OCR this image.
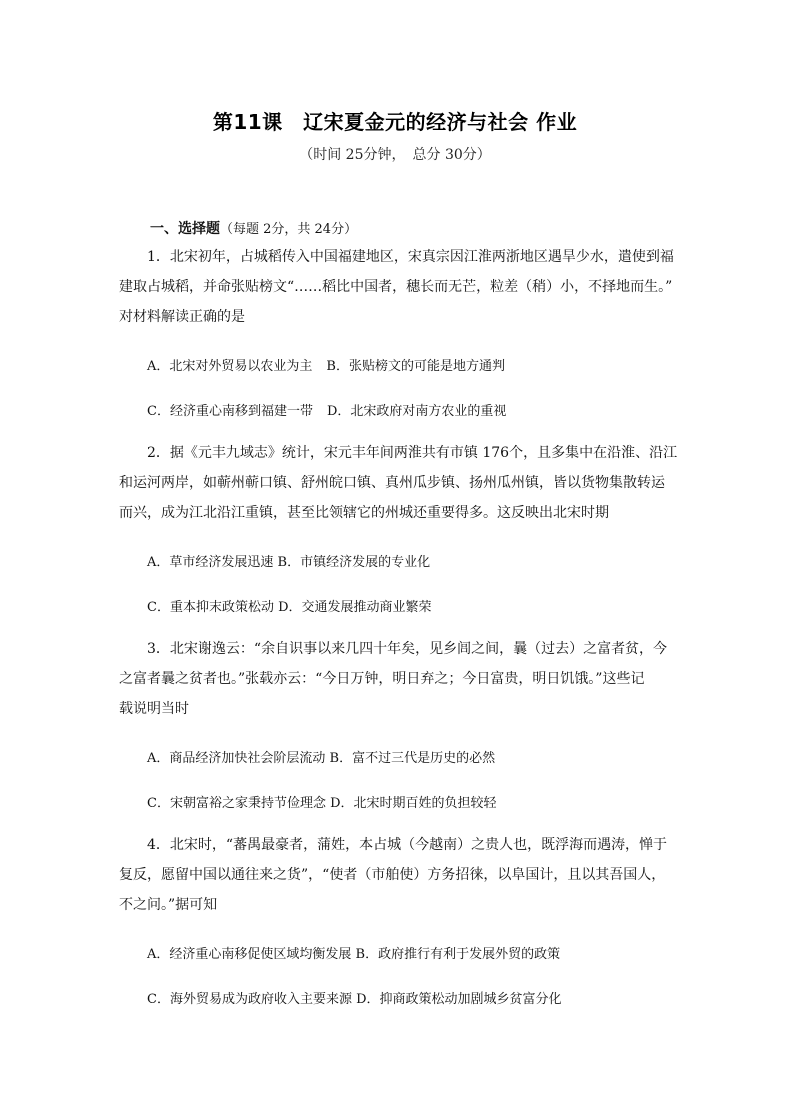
第11课　辽宋夏金元的经济与社会 作业
（时间 25分钟，　总分 30分）
一、选择题（每题 2分，共 24分）
1．北宋初年，占城稻传入中国福建地区，宋真宗因江淮两浙地区遇旱少水，遣使到福
建取占城稻，并命张贴榜文“……稻比中国者，穗长而无芒，粒差（稍）小，不择地而生。”
对材料解读正确的是
A．北宋对外贸易以农业为主 B．张贴榜文的可能是地方通判
C．经济重心南移到福建一带 D．北宋政府对南方农业的重视
2．据《元丰九域志》统计，宋元丰年间两淮共有市镇 176个，且多集中在沿淮、沿江
和运河两岸，如蕲州蕲口镇、舒州皖口镇、真州瓜步镇、扬州瓜州镇，皆以货物集散转运
而兴，成为江北沿江重镇，甚至比领辖它的州城还重要得多。这反映出北宋时期
A．草市经济发展迅速 B．市镇经济发展的专业化
C．重本抑末政策松动 D．交通发展推动商业繁荣
3．北宋谢逸云：“余自识事以来几四十年矣，见乡闾之间，曩（过去）之富者贫，今
之富者曩之贫者也。”张载亦云：“今日万钟，明日弃之；今日富贵，明日饥饿。”这些记
载说明当时
A．商品经济加快社会阶层流动 B．富不过三代是历史的必然
C．宋朝富裕之家秉持节俭理念 D．北宋时期百姓的负担较轻
4．北宋时，“蕃禺最豪者，蒲姓，本占城（今越南）之贵人也，既浮海而遇涛，惮于
复反，愿留中国以通往来之货”，“使者（市舶使）方务招徕，以阜国计，且以其吾国人，
不之问。”据可知
A．经济重心南移促使区域均衡发展 B．政府推行有利于发展外贸的政策
C．海外贸易成为政府收入主要来源 D．抑商政策松动加剧城乡贫富分化
